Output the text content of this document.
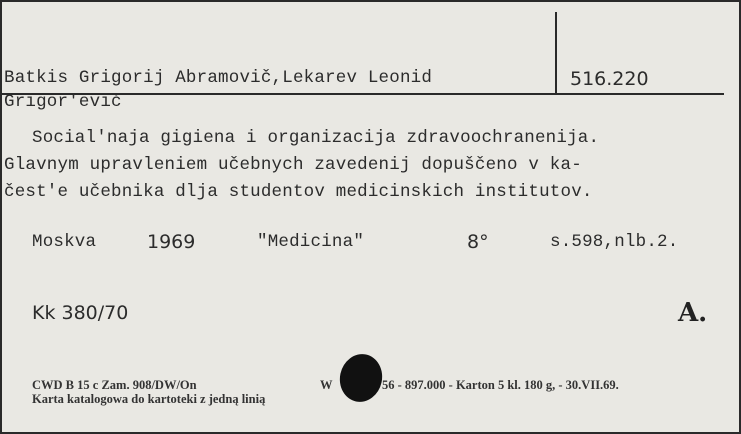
Batkis Grigorij Abramovič,Lekarev Leonid	516.220
Grigor'evič
Social'naja gigiena i organizacija zdravoochranenija.
Glavnym upravleniem učebnych zavedenij dopuščeno v ka-
čest'e učebnika dlja studentov medicinskich institutov.
Moskva	1969	"Medicina"	8°	s.598,nlb.2.
Kk 380/70	A.
CWD B 15 c Zam. 908/DW/On	W	56 - 897.000 - Karton 5 kl. 180 g, - 30.VII.69.
Karta katalogowa do kartoteki z jedną linią
